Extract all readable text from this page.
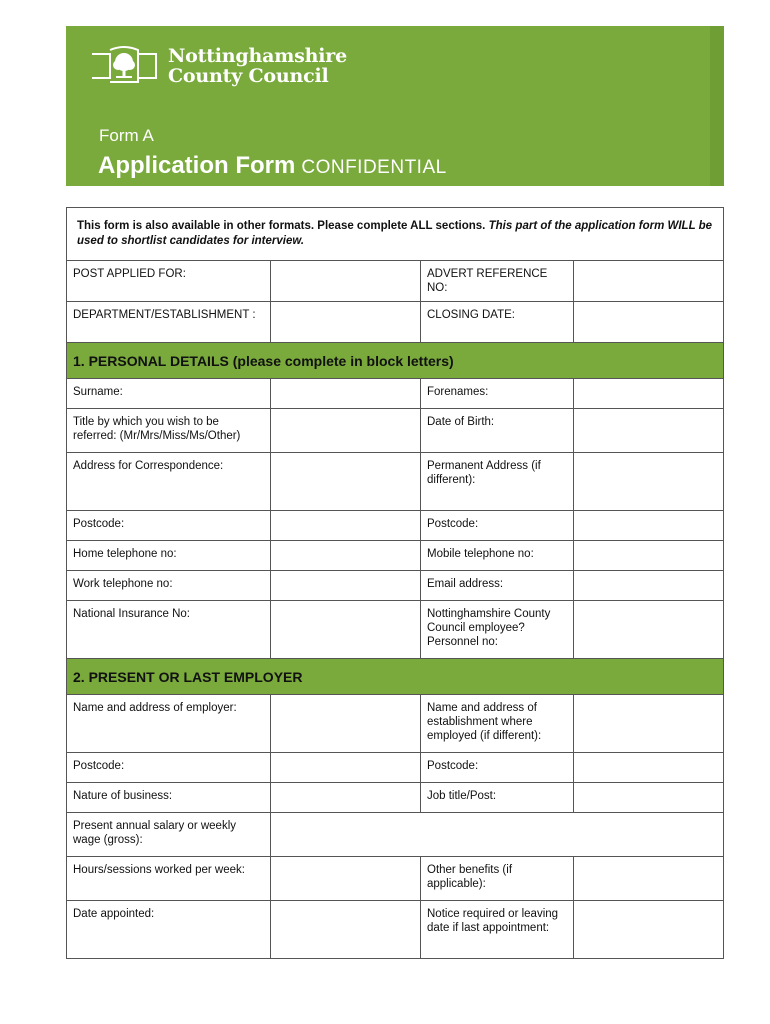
Nottinghamshire
County Council
Form A
Application Form CONFIDENTIAL
This form is also available in other formats. Please complete ALL sections. This part of the application form WILL be used to shortlist candidates for interview.			
POST APPLIED FOR:		ADVERT REFERENCE NO:	
DEPARTMENT/ESTABLISHMENT :		CLOSING DATE:	
1. PERSONAL DETAILS (please complete in block letters)			
Surname:		Forenames:	
Title by which you wish to be referred: (Mr/Mrs/Miss/Ms/Other)		Date of Birth:	
Address for Correspondence:		Permanent Address (if different):	
Postcode:		Postcode:	
Home telephone no:		Mobile telephone no:	
Work telephone no:		Email address:	
National Insurance No:		Nottinghamshire County Council employee? Personnel no:	
2. PRESENT OR LAST EMPLOYER			
Name and address of employer:		Name and address of establishment where employed (if different):	
Postcode:		Postcode:	
Nature of business:		Job title/Post:	
Present annual salary or weekly wage (gross):			
Hours/sessions worked per week:		Other benefits (if applicable):	
Date appointed:		Notice required or leaving date if last appointment:	
